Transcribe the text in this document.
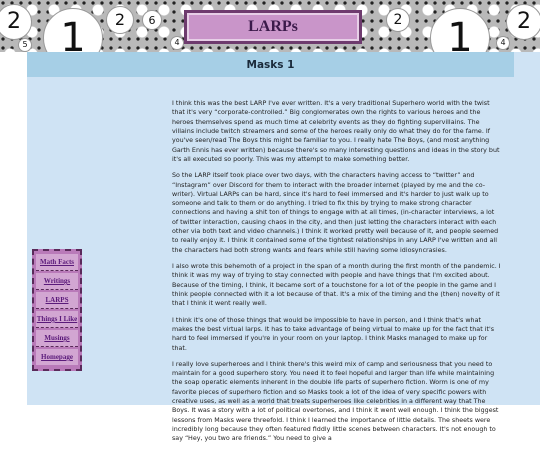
2 1	2	6	2	1	2
5	4	4
LARPs
Masks 1

I think this was the best LARP I've ever written. It's a very traditional Superhero world with the twist that it's very “corporate-controlled.” Big conglomerates own the rights to various heroes and the heroes themselves spend as much time at celebrity events as they do fighting supervillains. The villains include twitch streamers and some of the heroes really only do what they do for the fame. If you've seen/read The Boys this might be familiar to you. I really hate The Boys, (and most anything Garth Ennis has ever written) because there's so many interesting questions and ideas in the story but it's all executed so poorly. This was my attempt to make something better.

So the LARP itself took place over two days, with the characters having access to “twitter” and “Instagram” over Discord for them to interact with the broader internet (played by me and the co-writer). Virtual LARPs can be hard, since it's hard to feel immersed and it's harder to just walk up to someone and talk to them or do anything. I tried to fix this by trying to make strong character connections and having a shit ton of things to engage with at all times, (in-character interviews, a lot of twitter interaction, causing chaos in the city, and then just letting the characters interact with each other via both text and video channels.) I think it worked pretty well because of it, and people seemed to really enjoy it. I think it contained some of the tightest relationships in any LARP I've written and all the characters had both strong wants and fears while still having some idiosyncrasies.

I also wrote this behemoth of a project in the span of a month during the first month of the pandemic. I think it was my way of trying to stay connected with people and have things that I'm excited about. Because of the timing, I think, it became sort of a touchstone for a lot of the people in the game and I think people connected with it a lot because of that. It's a mix of the timing and the (then) novelty of it that I think it went really well.

I think it's one of those things that would be impossible to have in person, and I think that's what makes the best virtual larps. It has to take advantage of being virtual to make up for the fact that it's hard to feel immersed if you're in your room on your laptop. I think Masks managed to make up for that.

I really love superheroes and I think there's this weird mix of camp and seriousness that you need to maintain for a good superhero story. You need it to feel hopeful and larger than life while maintaining the soap operatic elements inherent in the double life parts of superhero fiction. Worm is one of my favorite pieces of superhero fiction and so Masks took a lot of the idea of very specific powers with creative uses, as well as a world that treats superheroes like celebrities in a different way that The Boys. It was a story with a lot of political overtones, and I think it went well enough. I think the biggest lessons from Masks were threefold. I think I learned the importance of little details. The sheets were incredibly long because they often featured fiddly little scenes between characters. It's not enough to say “Hey, you two are friends.” You need to give a

Math Facts
Writings
LARPS
Things I Like
Musings
Homepage
